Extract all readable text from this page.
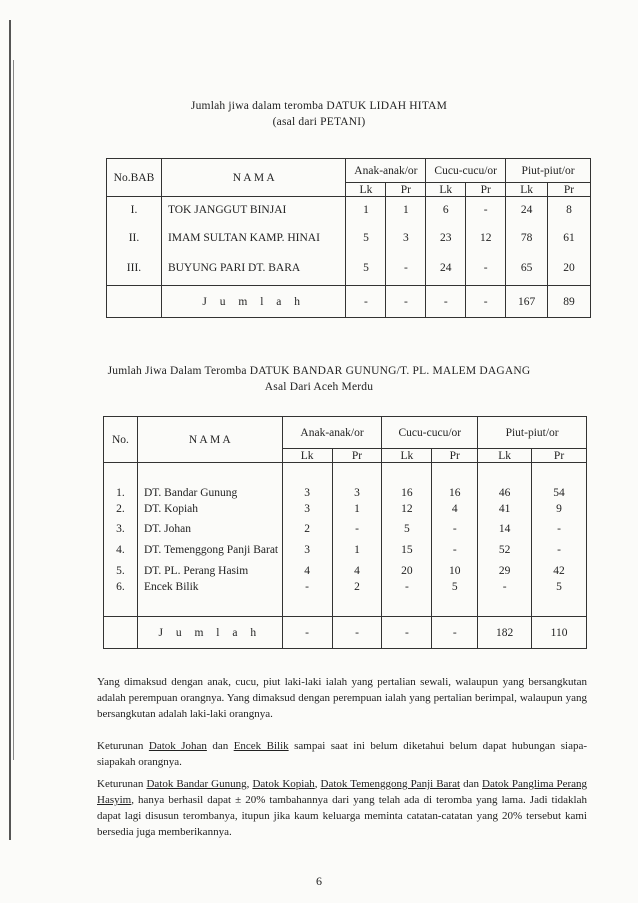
Jumlah jiwa dalam teromba DATUK LIDAH HITAM
(asal dari PETANI)
No.BAB	N A M A	Anak-anak/or		Cucu-cucu/or		Piut-piut/or	
		Lk	Pr	Lk	Pr	Lk	Pr
I.	TOK JANGGUT BINJAI	1	1	6	-	24	8
II.	IMAM SULTAN KAMP. HINAI	5	3	23	12	78	61
III.	BUYUNG PARI DT. BARA	5	-	24	-	65	20
	J u m l a h	-	-	-	-	167	89
Jumlah Jiwa Dalam Teromba DATUK BANDAR GUNUNG/T. PL. MALEM DAGANG
Asal Dari Aceh Merdu
No.	N A M A	Anak-anak/or		Cucu-cucu/or		Piut-piut/or	
		Lk	Pr	Lk	Pr	Lk	Pr
1.	DT. Bandar Gunung	3	3	16	16	46	54
2.	DT. Kopiah	3	1	12	4	41	9
3.	DT. Johan	2	-	5	-	14	-
4.	DT. Temenggong Panji Barat	3	1	15	-	52	-
5.	DT. PL. Perang Hasim	4	4	20	10	29	42
6.	Encek Bilik	-	2	-	5	-	5
	J u m l a h	-	-	-	-	182	110
Yang dimaksud dengan anak, cucu, piut laki-laki ialah yang pertalian sewali, walaupun yang bersangkutan adalah perempuan orangnya. Yang dimaksud dengan perempuan ialah yang pertalian berimpal, walaupun yang bersangkutan adalah laki-laki orangnya.
Keturunan Datok Johan dan Encek Bilik sampai saat ini belum diketahui belum dapat hubungan siapa-siapakah orangnya.
Keturunan Datok Bandar Gunung, Datok Kopiah, Datok Temenggong Panji Barat dan Datok Panglima Perang Hasyim, hanya berhasil dapat ± 20% tambahannya dari yang telah ada di teromba yang lama. Jadi tidaklah dapat lagi disusun terombanya, itupun jika kaum keluarga meminta catatan-catatan yang 20% tersebut kami bersedia juga memberikannya.
6
